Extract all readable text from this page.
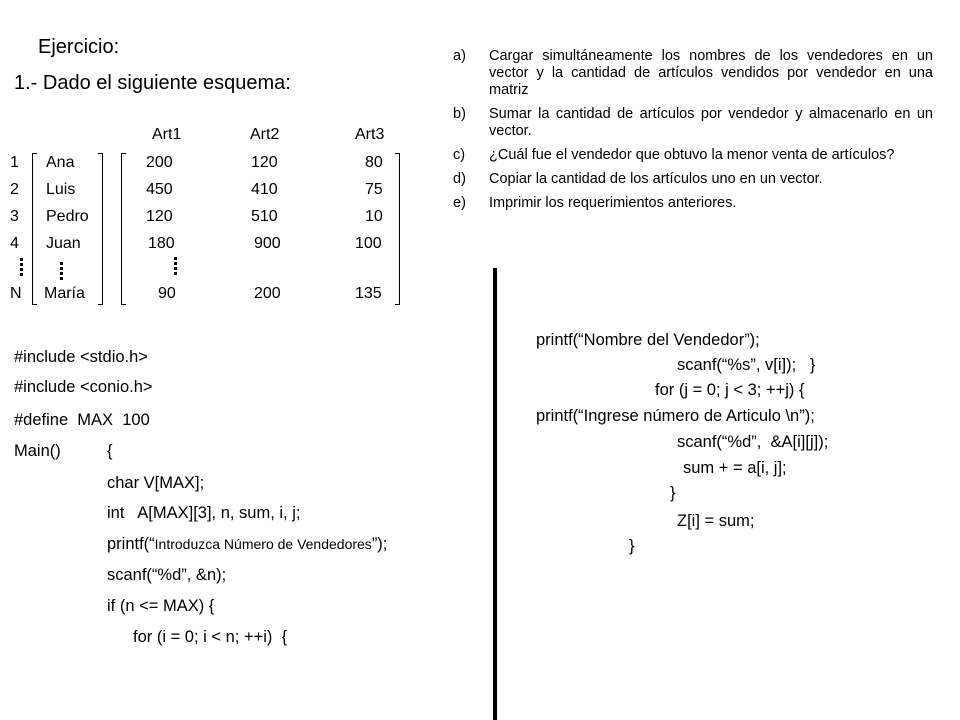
Ejercicio:
1.- Dado el siguiente esquema:
Art1	Art2	Art3
1 Ana	200	120	80
2 Luis	450	410	75
3 Pedro	120	510	10
4 Juan	180	900	100
N María	90	200	135
a) Cargar simultáneamente los nombres de los vendedores en un vector y la cantidad de artículos vendidos por vendedor en una matriz
b) Sumar la cantidad de artículos por vendedor y almacenarlo en un vector.
c) ¿Cuál fue el vendedor que obtuvo la menor venta de artículos?
d) Copiar la cantidad de los artículos uno en un vector.
e) Imprimir los requerimientos anteriores.
#include <stdio.h>
#include <conio.h>
#define  MAX  100
Main()	{
char V[MAX];
int   A[MAX][3], n, sum, i, j;
printf(“Introduzca Número de Vendedores”);
scanf(“%d”, &n);
if (n <= MAX) {
for (i = 0; i < n; ++i)  {
printf(“Nombre del Vendedor”);
scanf(“%s”, v[i]);   }
for (j = 0; j < 3; ++j) {
printf(“Ingrese número de Articulo \n”);
scanf(“%d”,  &A[i][j]);
sum + = a[i, j];
}
Z[i] = sum;
}
